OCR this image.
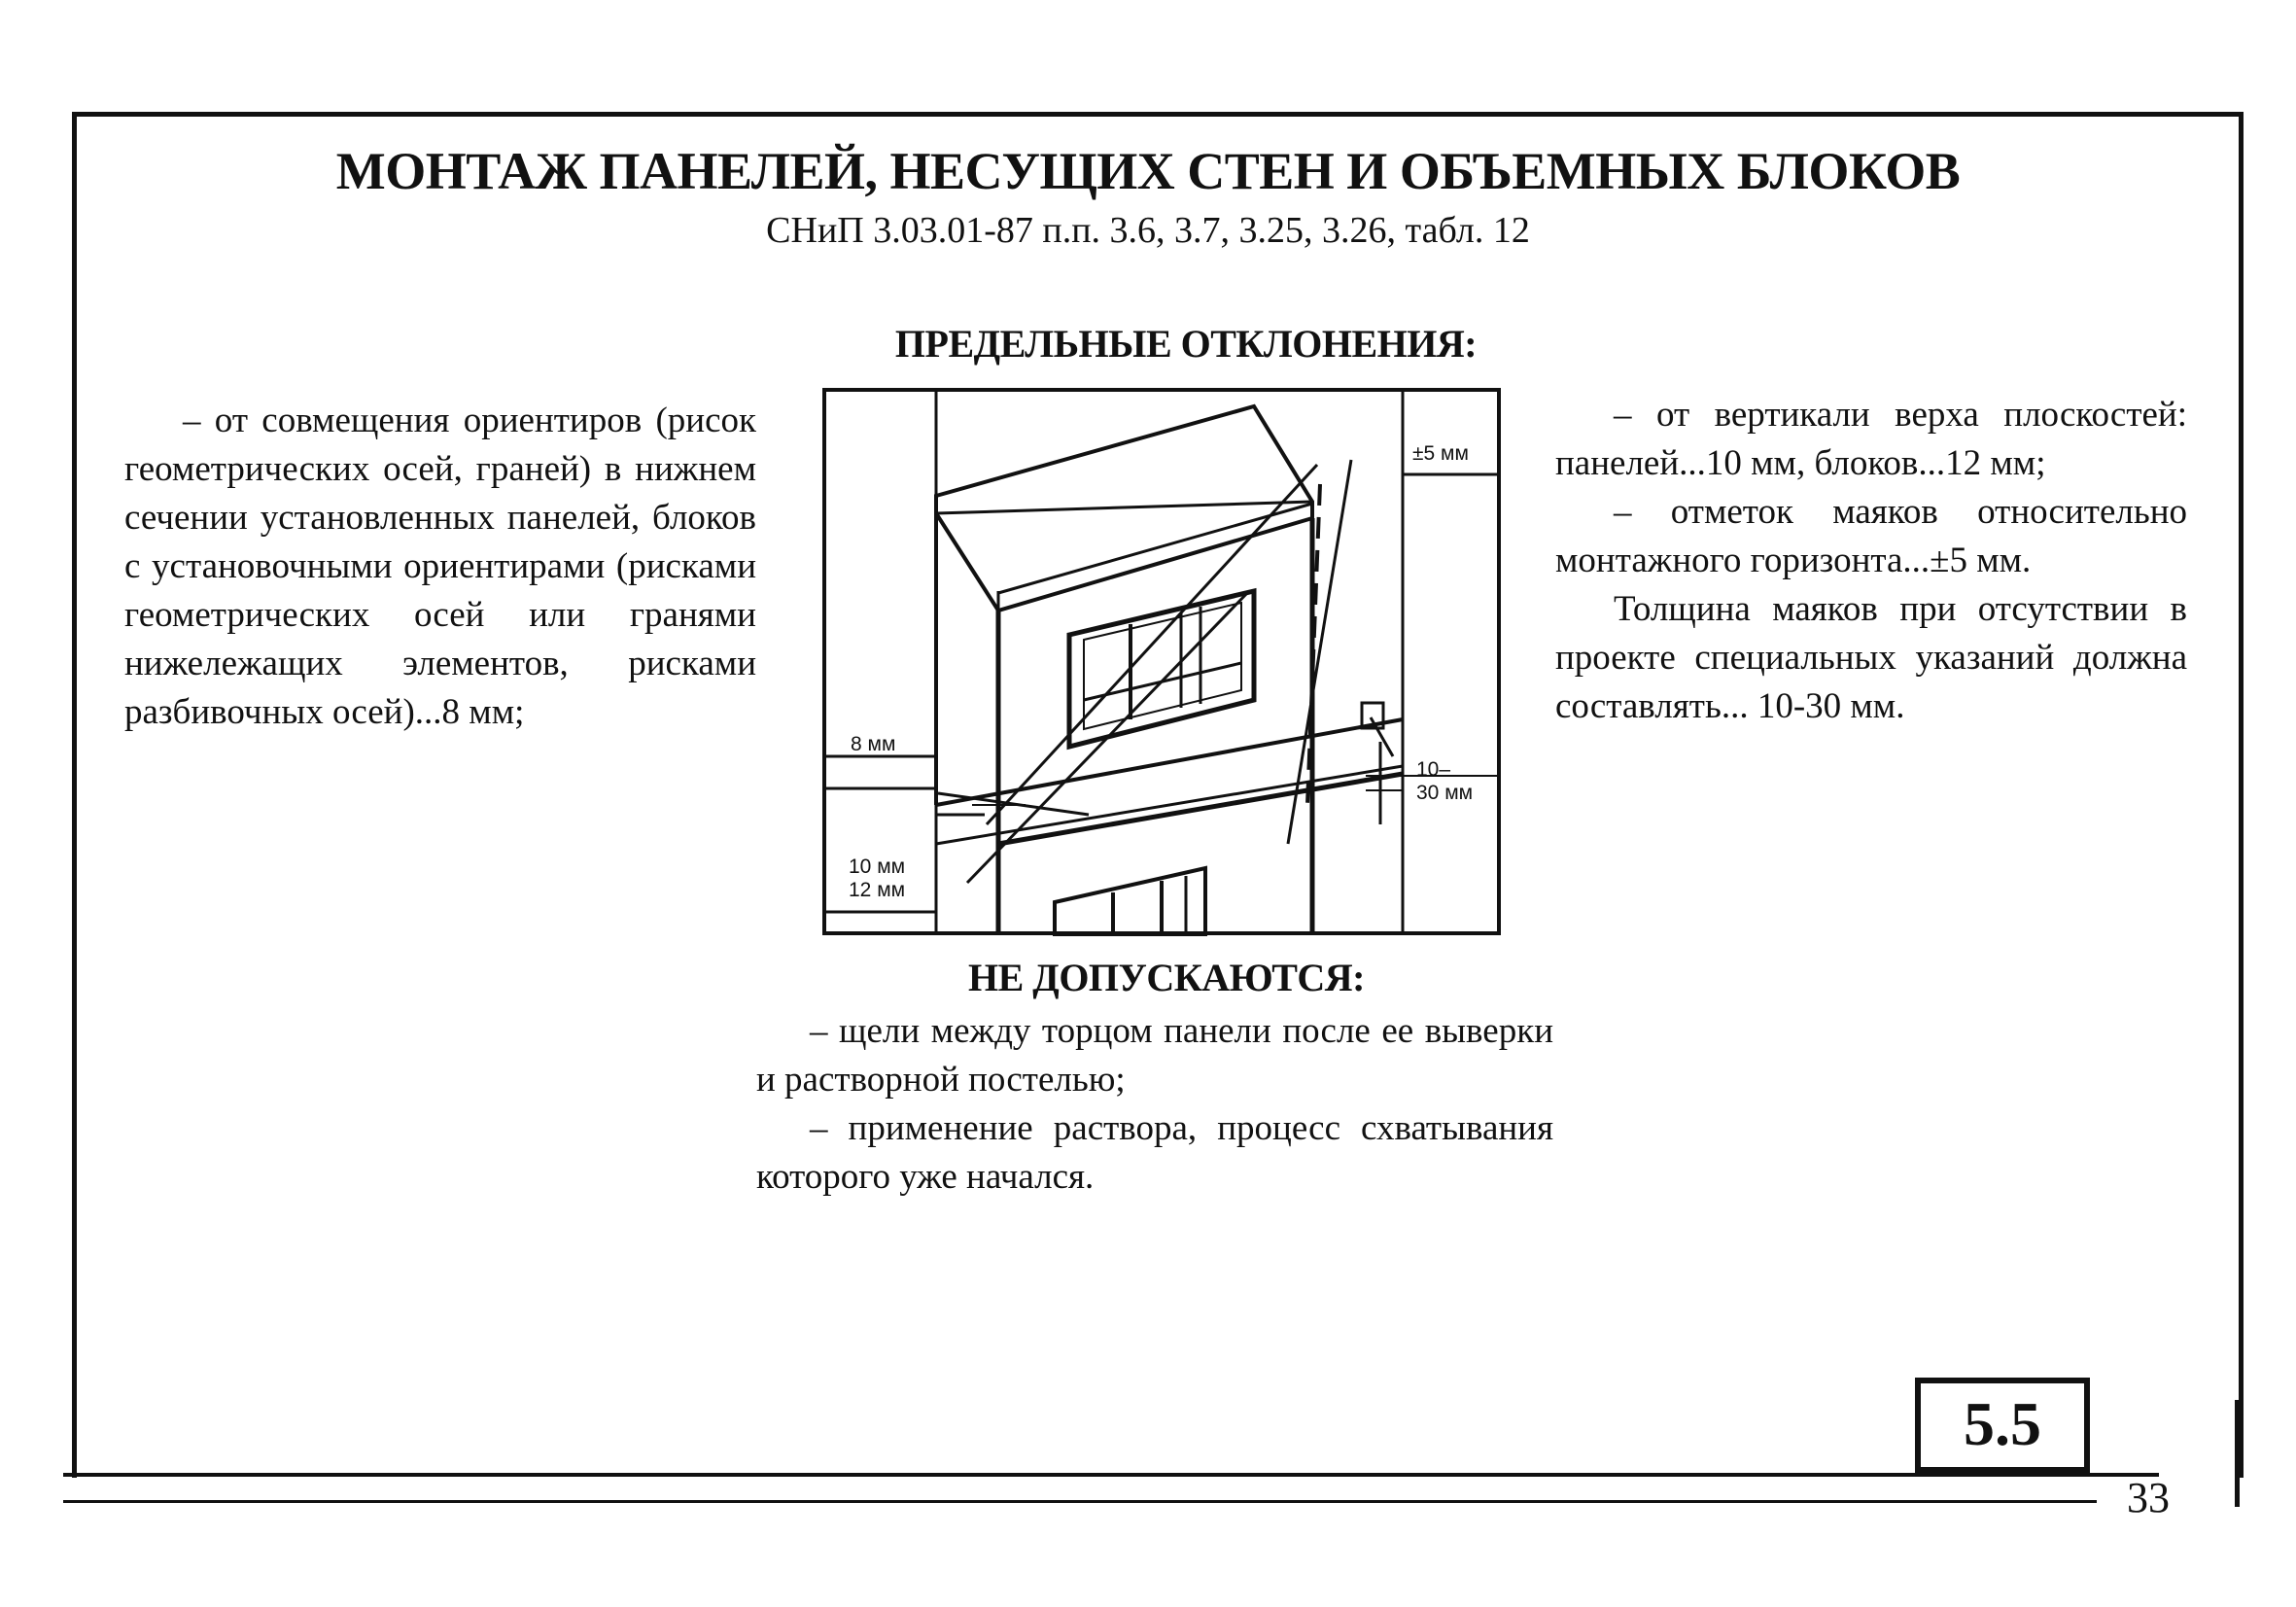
МОНТАЖ ПАНЕЛЕЙ, НЕСУЩИХ СТЕН И ОБЪЕМНЫХ БЛОКОВ
СНиП 3.03.01-87 п.п. 3.6, 3.7, 3.25, 3.26, табл. 12
ПРЕДЕЛЬНЫЕ ОТКЛОНЕНИЯ:

– от совмещения ориентиров (рисок геометрических осей, граней) в нижнем сечении установленных панелей, блоков с установочными ориентирами (рисками геометрических осей или гранями нижележащих элементов, рисками разбивочных осей)...8 мм;

±5 мм
8 мм
10 мм
12 мм
10–
30 мм

– от вертикали верха плоскостей: панелей...10 мм, блоков...12 мм;

– отметок маяков относительно монтажного горизонта...±5 мм.

Толщина маяков при отсутствии в проекте специальных указаний должна составлять... 10-30 мм.

НЕ ДОПУСКАЮТСЯ:

– щели между торцом панели после ее выверки и растворной постелью;

– применение раствора, процесс схватывания которого уже начался.

5.5
33
